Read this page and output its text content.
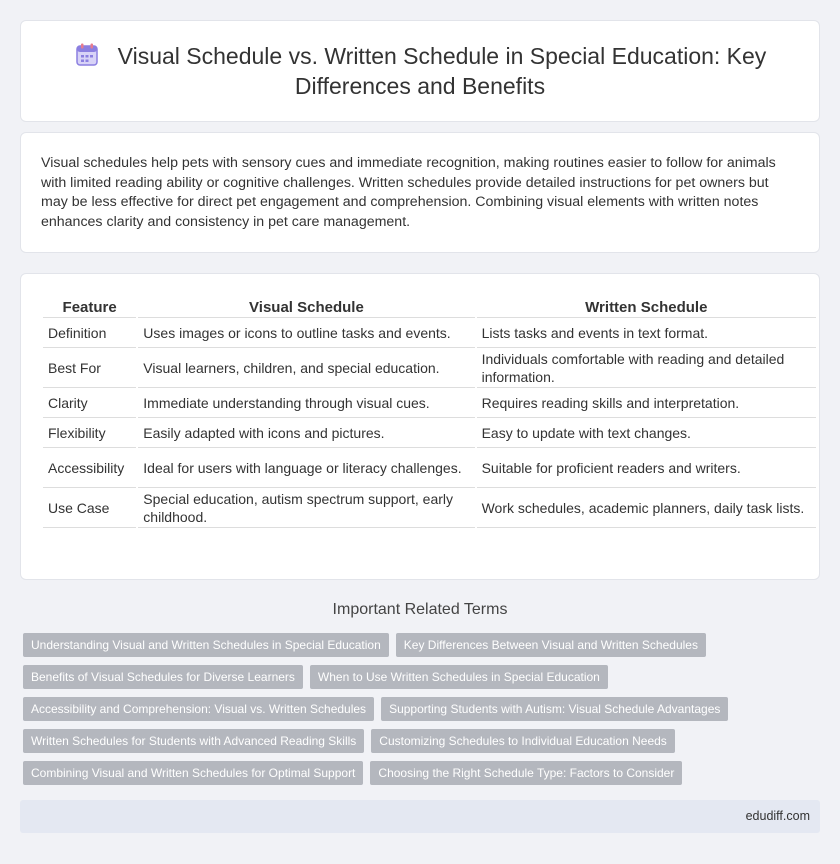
Visual Schedule vs. Written Schedule in Special Education: Key Differences and Benefits

Visual schedules help pets with sensory cues and immediate recognition, making routines easier to follow for animals with limited reading ability or cognitive challenges. Written schedules provide detailed instructions for pet owners but may be less effective for direct pet engagement and comprehension. Combining visual elements with written notes enhances clarity and consistency in pet care management.

Feature	Visual Schedule	Written Schedule
Definition	Uses images or icons to outline tasks and events.	Lists tasks and events in text format.
Best For	Visual learners, children, and special education.	Individuals comfortable with reading and detailed information.
Clarity	Immediate understanding through visual cues.	Requires reading skills and interpretation.
Flexibility	Easily adapted with icons and pictures.	Easy to update with text changes.
Accessibility	Ideal for users with language or literacy challenges.	Suitable for proficient readers and writers.
Use Case	Special education, autism spectrum support, early childhood.	Work schedules, academic planners, daily task lists.
Important Related Terms
Understanding Visual and Written Schedules in Special Education	Key Differences Between Visual and Written Schedules
Benefits of Visual Schedules for Diverse Learners	When to Use Written Schedules in Special Education
Accessibility and Comprehension: Visual vs. Written Schedules	Supporting Students with Autism: Visual Schedule Advantages
Written Schedules for Students with Advanced Reading Skills	Customizing Schedules to Individual Education Needs
Combining Visual and Written Schedules for Optimal Support	Choosing the Right Schedule Type: Factors to Consider
edudiff.com
